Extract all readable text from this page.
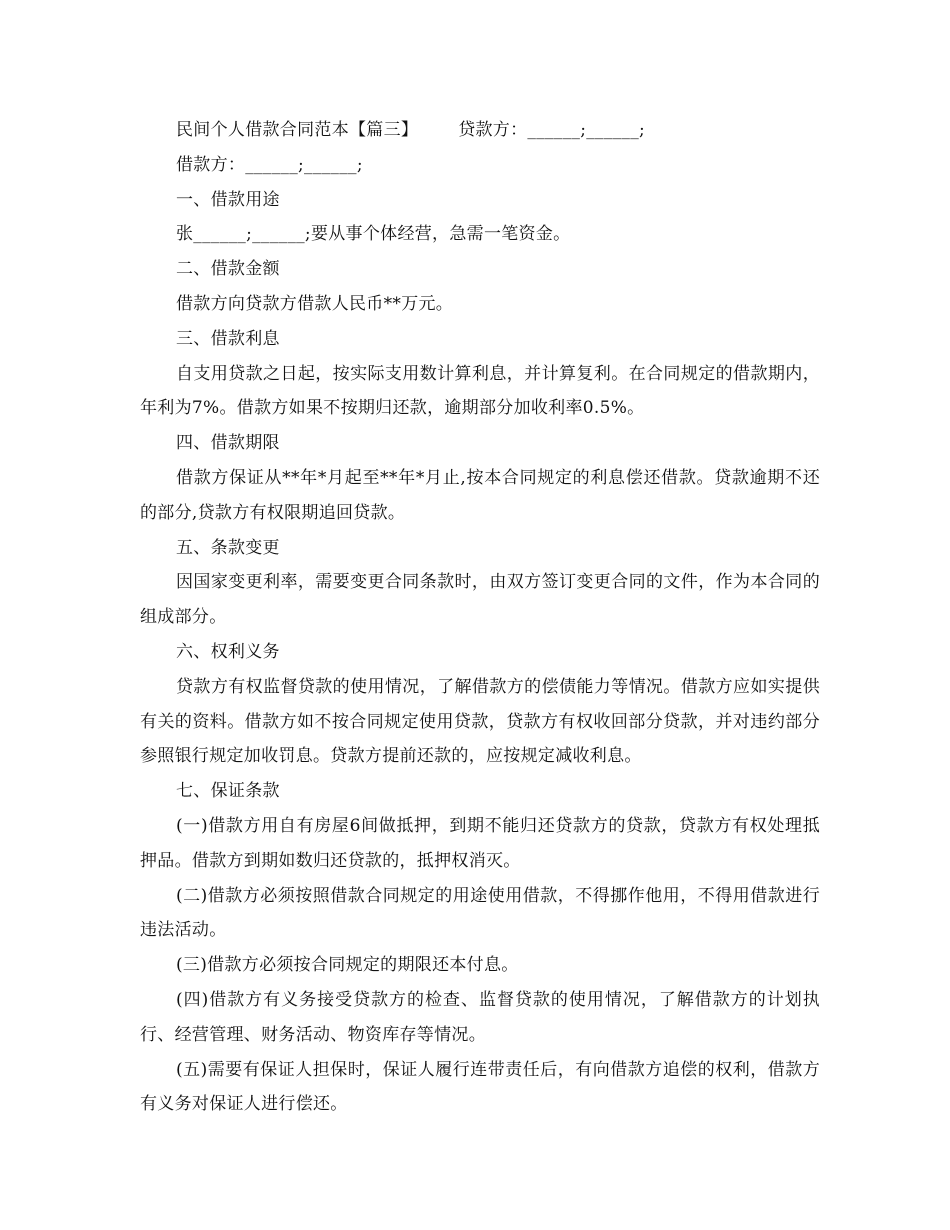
民间个人借款合同范本【篇三】 贷款方：______;______;

借款方：______;______;

一、借款用途

张______;______;要从事个体经营，急需一笔资金。

二、借款金额

借款方向贷款方借款人民币**万元。

三、借款利息

自支用贷款之日起，按实际支用数计算利息，并计算复利。在合同规定的借款期内，年利为7%。借款方如果不按期归还款，逾期部分加收利率0.5%。

四、借款期限

借款方保证从**年*月起至**年*月止,按本合同规定的利息偿还借款。贷款逾期不还的部分,贷款方有权限期追回贷款。

五、条款变更

因国家变更利率，需要变更合同条款时，由双方签订变更合同的文件，作为本合同的组成部分。

六、权利义务

贷款方有权监督贷款的使用情况，了解借款方的偿债能力等情况。借款方应如实提供有关的资料。借款方如不按合同规定使用贷款，贷款方有权收回部分贷款，并对违约部分参照银行规定加收罚息。贷款方提前还款的，应按规定减收利息。

七、保证条款

(一)借款方用自有房屋6间做抵押，到期不能归还贷款方的贷款，贷款方有权处理抵押品。借款方到期如数归还贷款的，抵押权消灭。

(二)借款方必须按照借款合同规定的用途使用借款，不得挪作他用，不得用借款进行违法活动。

(三)借款方必须按合同规定的期限还本付息。

(四)借款方有义务接受贷款方的检查、监督贷款的使用情况，了解借款方的计划执行、经营管理、财务活动、物资库存等情况。

(五)需要有保证人担保时，保证人履行连带责任后，有向借款方追偿的权利，借款方有义务对保证人进行偿还。
